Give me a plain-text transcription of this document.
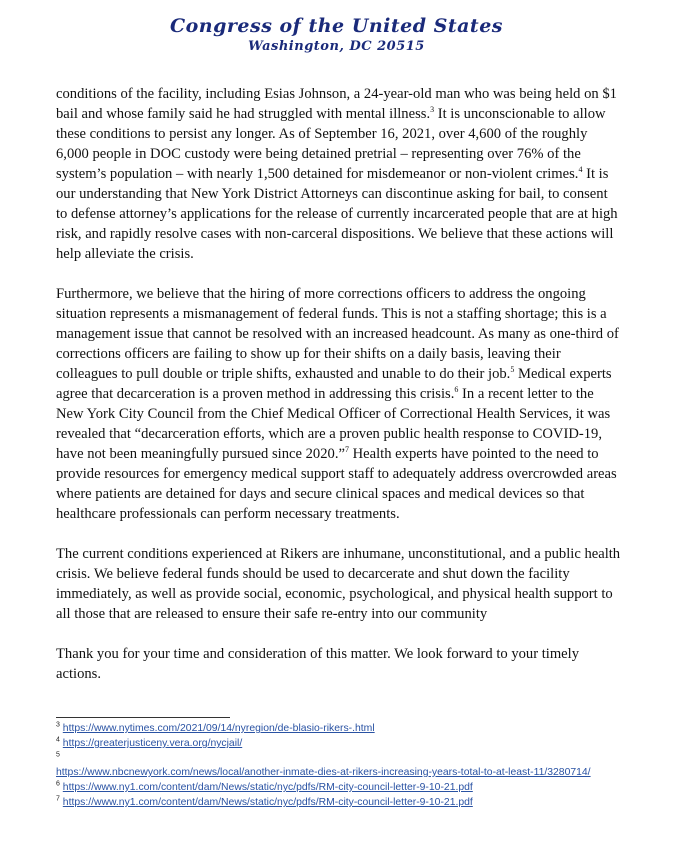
Congress of the United States
Washington, DC 20515

conditions of the facility, including Esias Johnson, a 24-year-old man who was being held on $1 bail and whose family said he had struggled with mental illness.$^3$ It is unconscionable to allow these conditions to persist any longer. As of September 16, 2021, over 4,600 of the roughly 6,000 people in DOC custody were being detained pretrial – representing over 76% of the system’s population – with nearly 1,500 detained for misdemeanor or non-violent crimes.$^4$ It is our understanding that New York District Attorneys can discontinue asking for bail, to consent to defense attorney’s applications for the release of currently incarcerated people that are at high risk, and rapidly resolve cases with non-carceral dispositions. We believe that these actions will help alleviate the crisis.

Furthermore, we believe that the hiring of more corrections officers to address the ongoing situation represents a mismanagement of federal funds. This is not a staffing shortage; this is a management issue that cannot be resolved with an increased headcount. As many as one-third of corrections officers are failing to show up for their shifts on a daily basis, leaving their colleagues to pull double or triple shifts, exhausted and unable to do their job.$^5$ Medical experts agree that decarceration is a proven method in addressing this crisis.$^6$ In a recent letter to the New York City Council from the Chief Medical Officer of Correctional Health Services, it was revealed that “decarceration efforts, which are a proven public health response to COVID-19, have not been meaningfully pursued since 2020.”$^7$ Health experts have pointed to the need to provide resources for emergency medical support staff to adequately address overcrowded areas where patients are detained for days and secure clinical spaces and medical devices so that healthcare professionals can perform necessary treatments.

The current conditions experienced at Rikers are inhumane, unconstitutional, and a public health crisis. We believe federal funds should be used to decarcerate and shut down the facility immediately, as well as provide social, economic, psychological, and physical health support to all those that are released to ensure their safe re-entry into our community

Thank you for your time and consideration of this matter. We look forward to your timely actions.

$^3$ https://www.nytimes.com/2021/09/14/nyregion/de-blasio-rikers-.html
$^4$ https://greaterjusticeny.vera.org/nycjail/
$^5$
https://www.nbcnewyork.com/news/local/another-inmate-dies-at-rikers-increasing-years-total-to-at-least-11/3280714/
$^6$ https://www.ny1.com/content/dam/News/static/nyc/pdfs/RM-city-council-letter-9-10-21.pdf
$^7$ https://www.ny1.com/content/dam/News/static/nyc/pdfs/RM-city-council-letter-9-10-21.pdf
